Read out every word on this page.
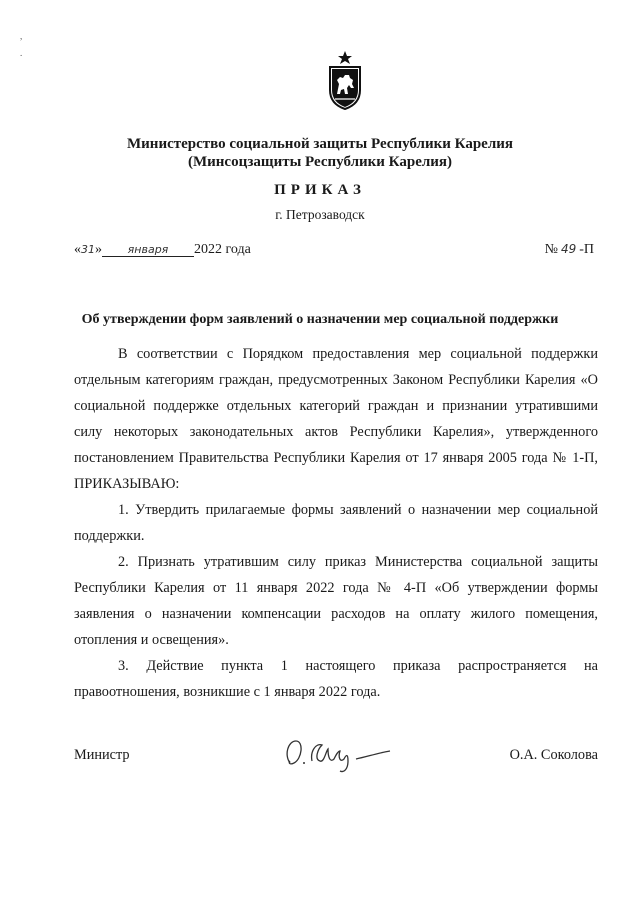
,
.
Министерство социальной защиты Республики Карелия
(Минсоцзащиты Республики Карелия)
ПРИКАЗ
г. Петрозаводск
«31» января 2022 года	№ 49 -П
Об утверждении форм заявлений о назначении мер социальной поддержки

В соответствии с Порядком предоставления мер социальной поддержки отдельным категориям граждан, предусмотренных Законом Республики Карелия «О социальной поддержке отдельных категорий граждан и признании утратившими силу некоторых законодательных актов Республики Карелия», утвержденного постановлением Правительства Республики Карелия от 17 января 2005 года № 1-П, ПРИКАЗЫВАЮ:

1. Утвердить прилагаемые формы заявлений о назначении мер социальной поддержки.

2. Признать утратившим силу приказ Министерства социальной защиты Республики Карелия от 11 января 2022 года № 4-П «Об утверждении формы заявления о назначении компенсации расходов на оплату жилого помещения, отопления и освещения».

3. Действие пункта 1 настоящего приказа распространяется на правоотношения, возникшие с 1 января 2022 года.

Министр	О.А. Соколова
